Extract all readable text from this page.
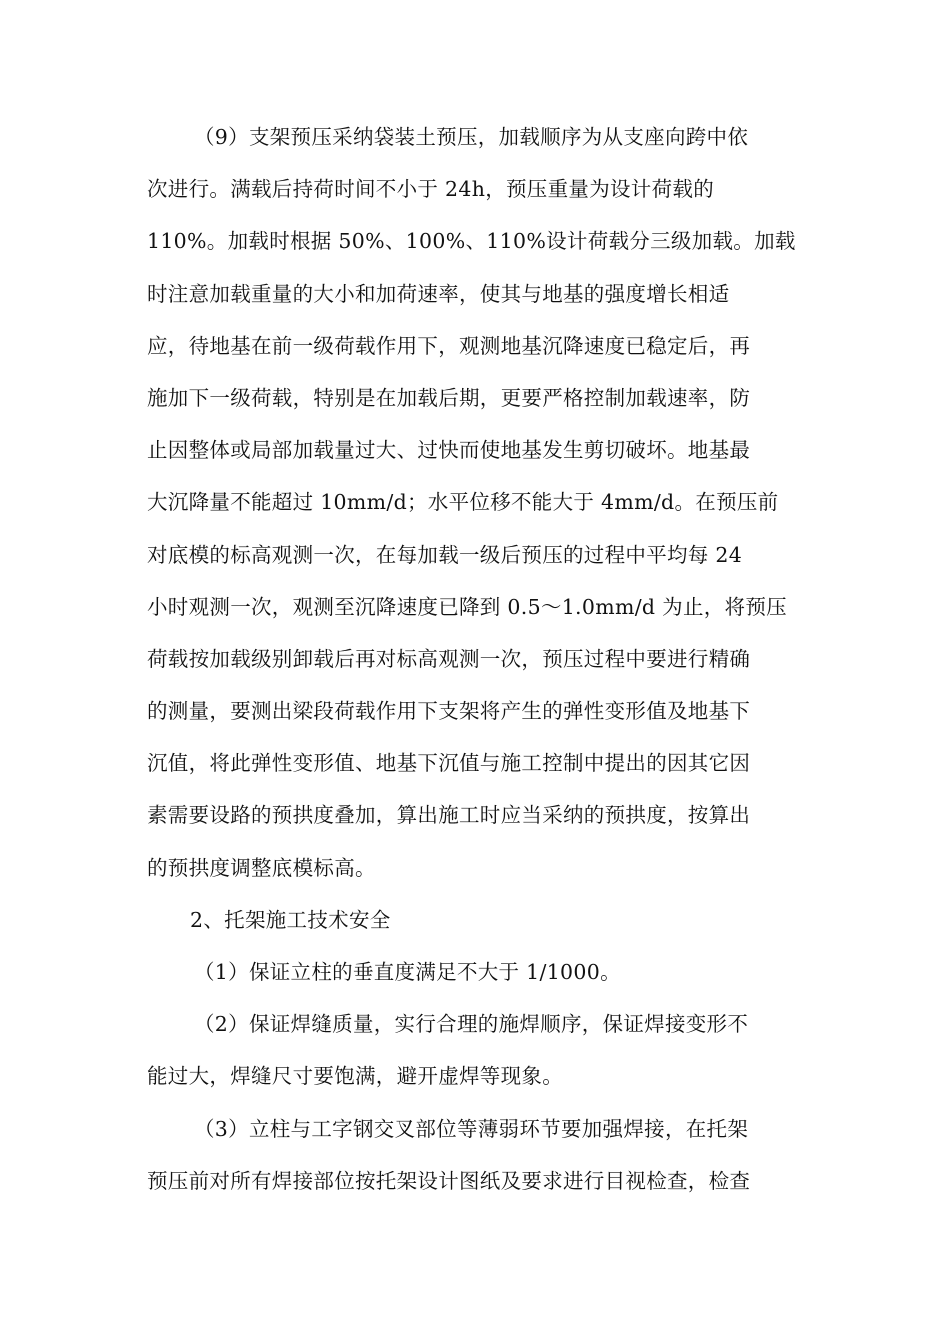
（9）支架预压采纳袋装土预压，加载顺序为从支座向跨中依

次进行。满载后持荷时间不小于 24h，预压重量为设计荷载的

110%。加载时根据 50%、100%、110%设计荷载分三级加载。加载

时注意加载重量的大小和加荷速率，使其与地基的强度增长相适

应，待地基在前一级荷载作用下，观测地基沉降速度已稳定后，再

施加下一级荷载，特别是在加载后期，更要严格控制加载速率，防

止因整体或局部加载量过大、过快而使地基发生剪切破坏。地基最

大沉降量不能超过 10mm/d；水平位移不能大于 4mm/d。在预压前

对底模的标高观测一次，在每加载一级后预压的过程中平均每 24

小时观测一次，观测至沉降速度已降到 0.5～1.0mm/d 为止，将预压

荷载按加载级别卸载后再对标高观测一次，预压过程中要进行精确

的测量，要测出梁段荷载作用下支架将产生的弹性变形值及地基下

沉值，将此弹性变形值、地基下沉值与施工控制中提出的因其它因

素需要设路的预拱度叠加，算出施工时应当采纳的预拱度，按算出

的预拱度调整底模标高。

2、托架施工技术安全

（1）保证立柱的垂直度满足不大于 1/1000。

（2）保证焊缝质量，实行合理的施焊顺序，保证焊接变形不

能过大，焊缝尺寸要饱满，避开虚焊等现象。

（3）立柱与工字钢交叉部位等薄弱环节要加强焊接，在托架

预压前对所有焊接部位按托架设计图纸及要求进行目视检查，检查
